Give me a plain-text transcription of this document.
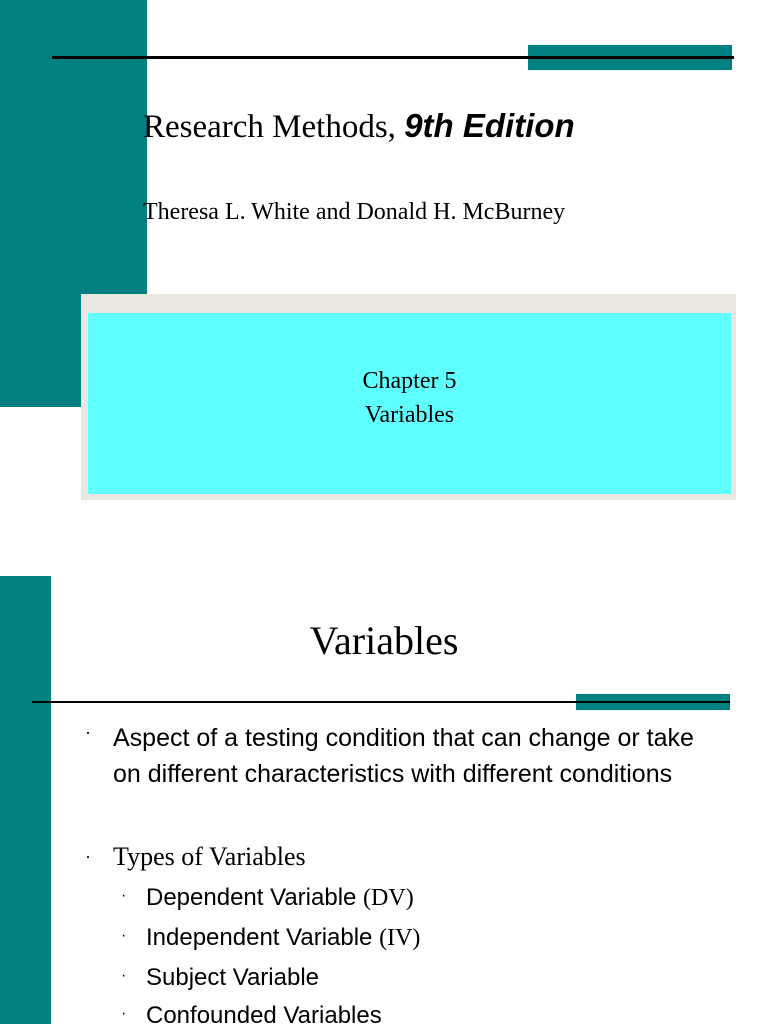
Research Methods, 9th Edition
Theresa L. White and Donald H. McBurney
Chapter 5
Variables
Variables
· Aspect of a testing condition that can change or take on different characteristics with different conditions
· Types of Variables
· Dependent Variable (DV)
· Independent Variable (IV)
· Subject Variable
· Confounded Variables
